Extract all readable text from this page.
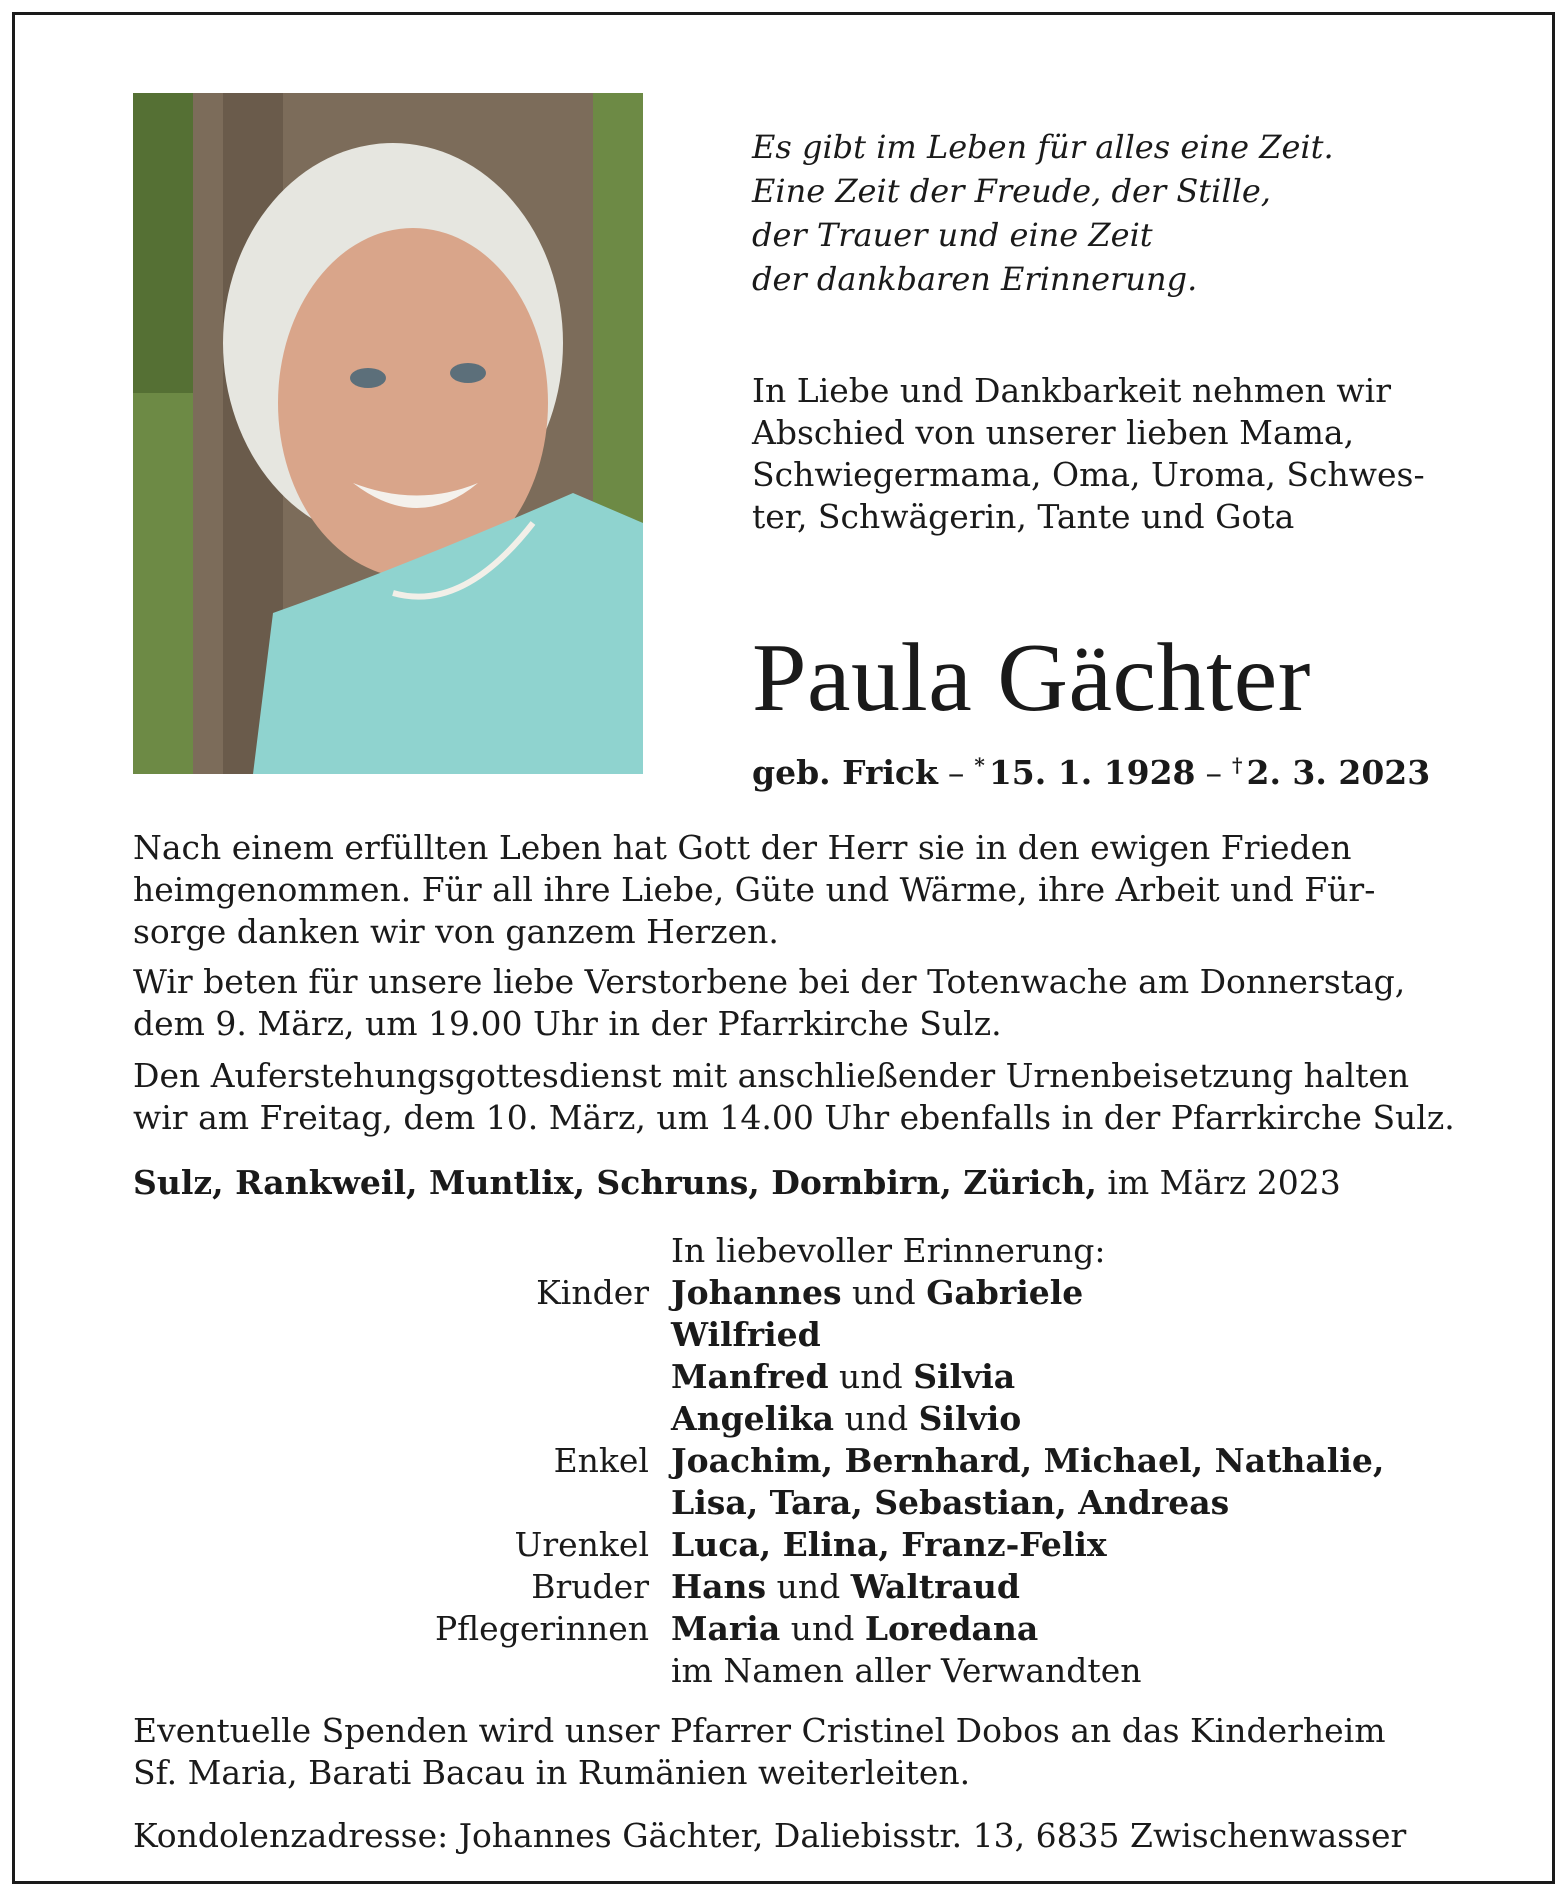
Es gibt im Leben für alles eine Zeit.
Eine Zeit der Freude, der Stille,
der Trauer und eine Zeit
der dankbaren Erinnerung.
In Liebe und Dankbarkeit nehmen wir
Abschied von unserer lieben Mama,
Schwiegermama, Oma, Uroma, Schwes-
ter, Schwägerin, Tante und Gota
Paula Gächter
geb. Frick – * 15. 1. 1928 – † 2. 3. 2023
Nach einem erfüllten Leben hat Gott der Herr sie in den ewigen Frieden
heimgenommen. Für all ihre Liebe, Güte und Wärme, ihre Arbeit und Für-
sorge danken wir von ganzem Herzen.
Wir beten für unsere liebe Verstorbene bei der Totenwache am Donnerstag,
dem 9. März, um 19.00 Uhr in der Pfarrkirche Sulz.
Den Auferstehungsgottesdienst mit anschließender Urnenbeisetzung halten
wir am Freitag, dem 10. März, um 14.00 Uhr ebenfalls in der Pfarrkirche Sulz.
Sulz, Rankweil, Muntlix, Schruns, Dornbirn, Zürich, im März 2023
In liebevoller Erinnerung:
Kinder Johannes und Gabriele
Wilfried
Manfred und Silvia
Angelika und Silvio
Enkel Joachim, Bernhard, Michael, Nathalie,
Lisa, Tara, Sebastian, Andreas
Urenkel Luca, Elina, Franz-Felix
Bruder Hans und Waltraud
Pflegerinnen Maria und Loredana
im Namen aller Verwandten
Eventuelle Spenden wird unser Pfarrer Cristinel Dobos an das Kinderheim
Sf. Maria, Barati Bacau in Rumänien weiterleiten.
Kondolenzadresse: Johannes Gächter, Daliebisstr. 13, 6835 Zwischenwasser
